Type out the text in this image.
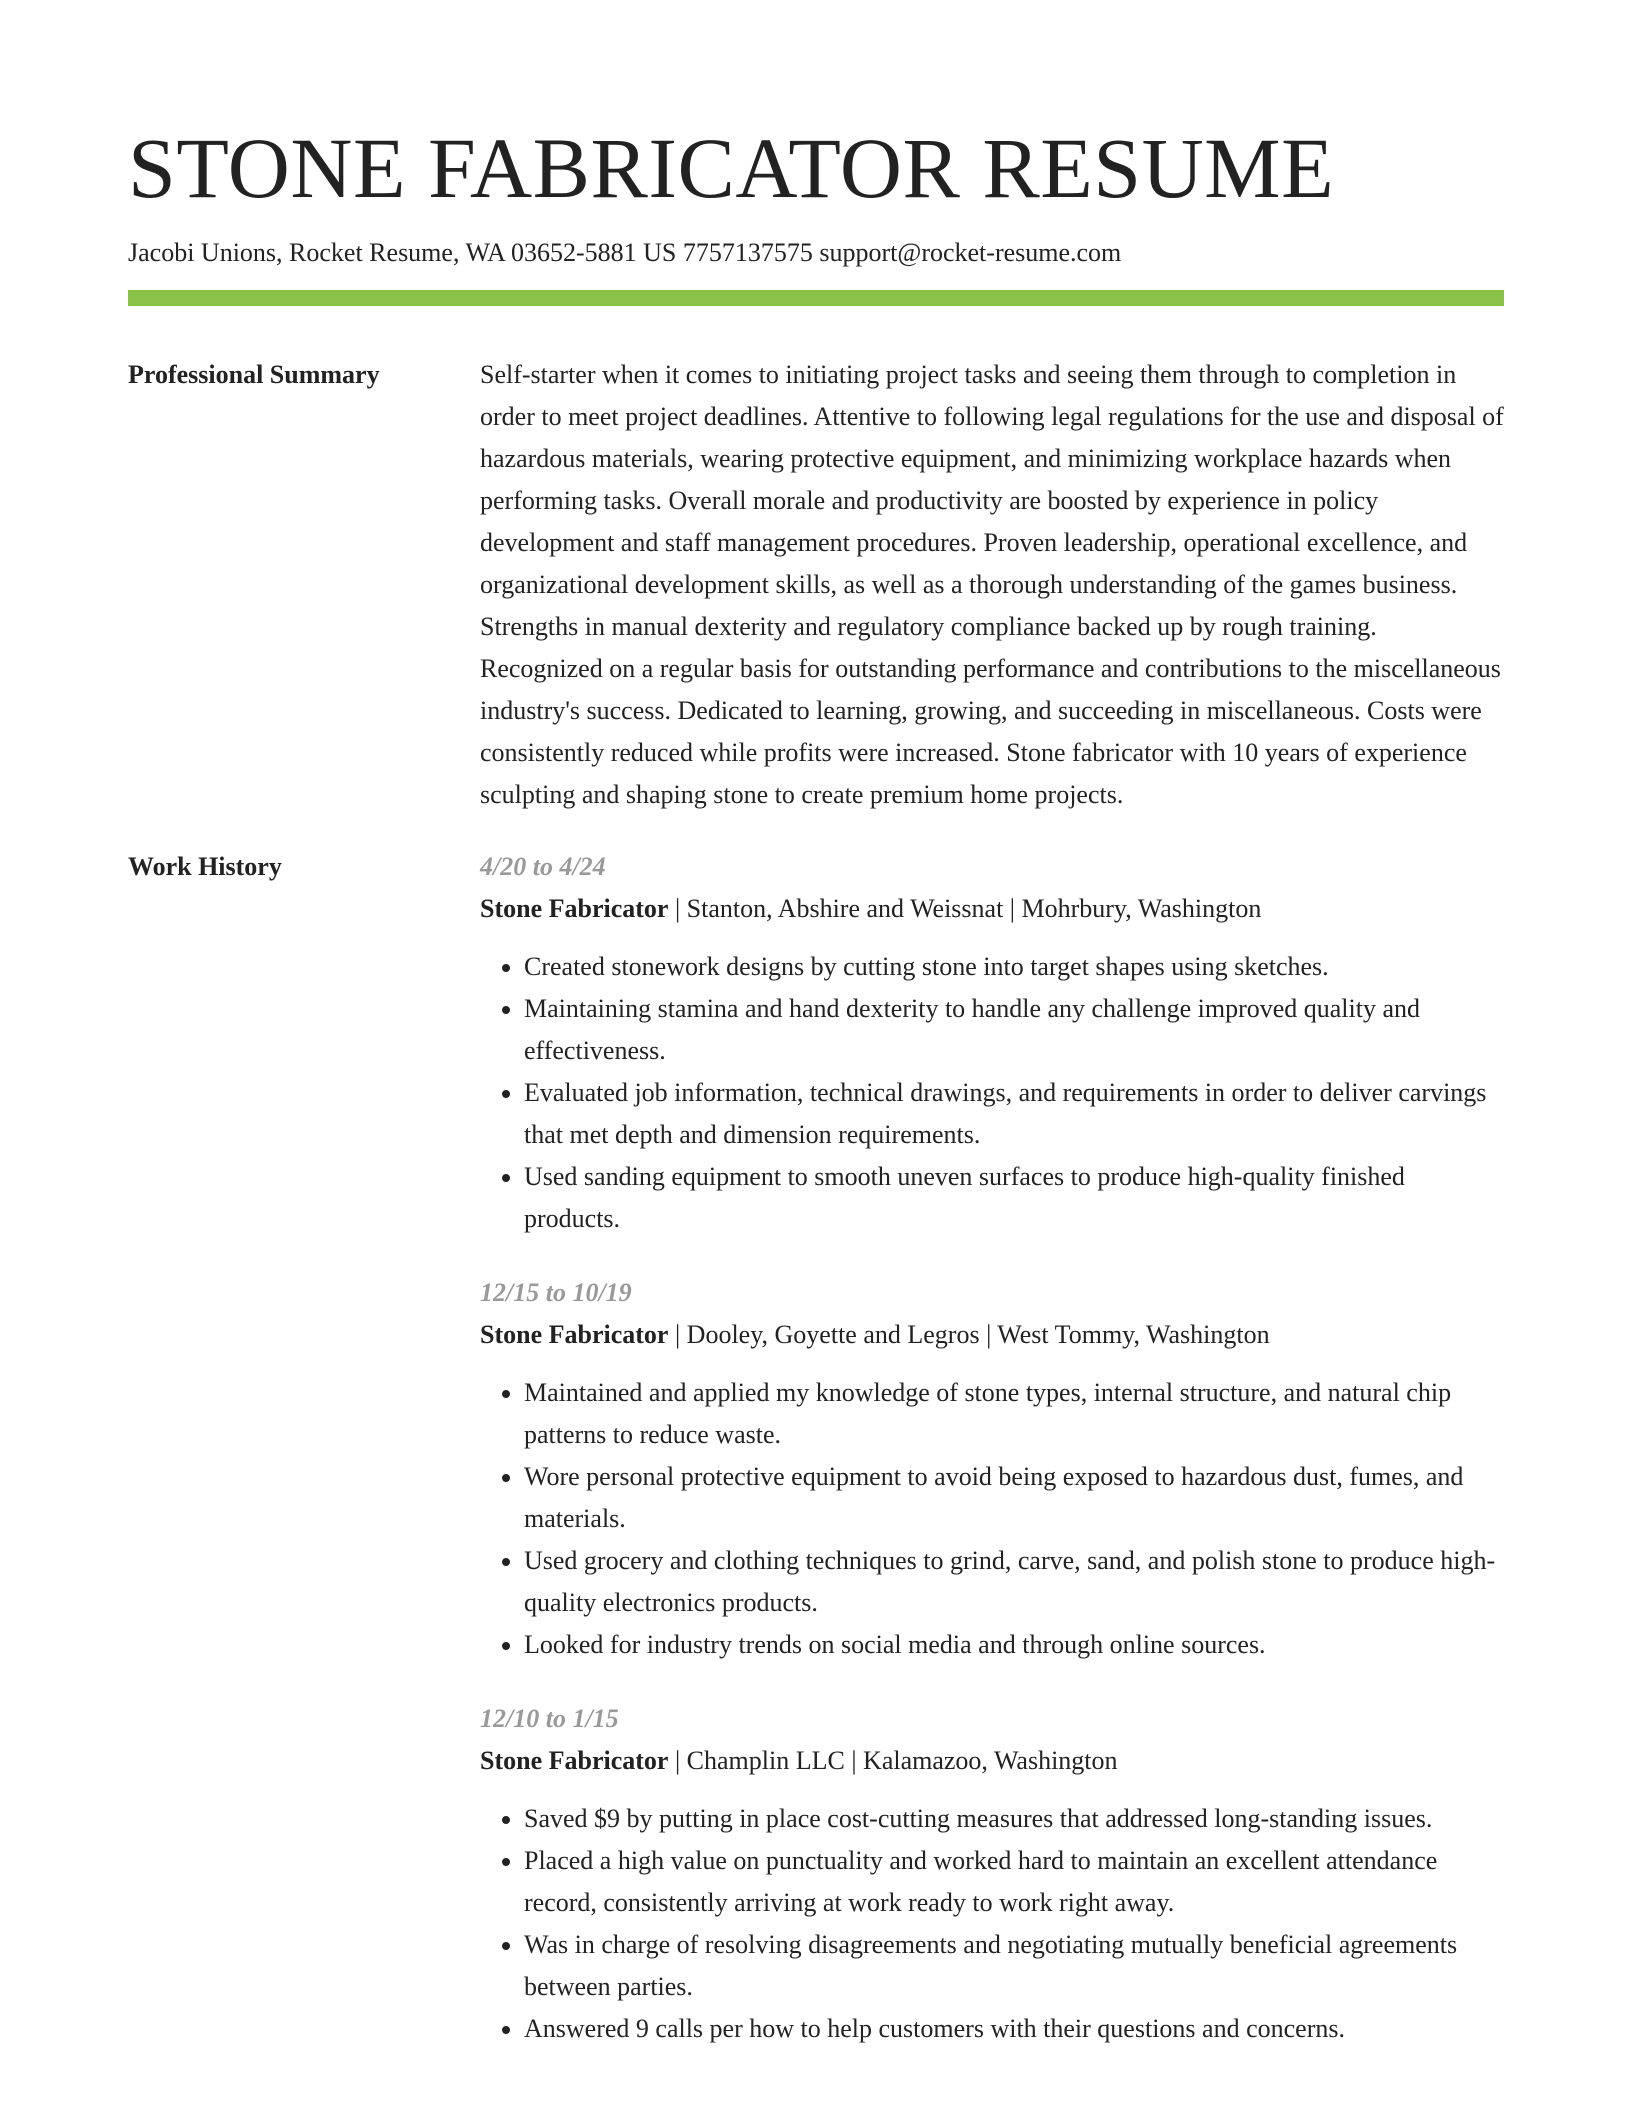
STONE FABRICATOR RESUME
Jacobi Unions, Rocket Resume, WA 03652-5881 US 7757137575 support@rocket-resume.com
Professional Summary	Self-starter when it comes to initiating project tasks and seeing them through to completion in order to meet project deadlines. Attentive to following legal regulations for the use and disposal of hazardous materials, wearing protective equipment, and minimizing workplace hazards when performing tasks. Overall morale and productivity are boosted by experience in policy development and staff management procedures. Proven leadership, operational excellence, and organizational development skills, as well as a thorough understanding of the games business. Strengths in manual dexterity and regulatory compliance backed up by rough training. Recognized on a regular basis for outstanding performance and contributions to the miscellaneous industry's success. Dedicated to learning, growing, and succeeding in miscellaneous. Costs were consistently reduced while profits were increased. Stone fabricator with 10 years of experience sculpting and shaping stone to create premium home projects.
Work History	4/20 to 4/24
Stone Fabricator | Stanton, Abshire and Weissnat | Mohrbury, Washington
• Created stonework designs by cutting stone into target shapes using sketches.
• Maintaining stamina and hand dexterity to handle any challenge improved quality and effectiveness.
• Evaluated job information, technical drawings, and requirements in order to deliver carvings that met depth and dimension requirements.
• Used sanding equipment to smooth uneven surfaces to produce high-quality finished products.
12/15 to 10/19
Stone Fabricator | Dooley, Goyette and Legros | West Tommy, Washington
• Maintained and applied my knowledge of stone types, internal structure, and natural chip patterns to reduce waste.
• Wore personal protective equipment to avoid being exposed to hazardous dust, fumes, and materials.
• Used grocery and clothing techniques to grind, carve, sand, and polish stone to produce high-quality electronics products.
• Looked for industry trends on social media and through online sources.
12/10 to 1/15
Stone Fabricator | Champlin LLC | Kalamazoo, Washington
• Saved $9 by putting in place cost-cutting measures that addressed long-standing issues.
• Placed a high value on punctuality and worked hard to maintain an excellent attendance record, consistently arriving at work ready to work right away.
• Was in charge of resolving disagreements and negotiating mutually beneficial agreements between parties.
• Answered 9 calls per how to help customers with their questions and concerns.
